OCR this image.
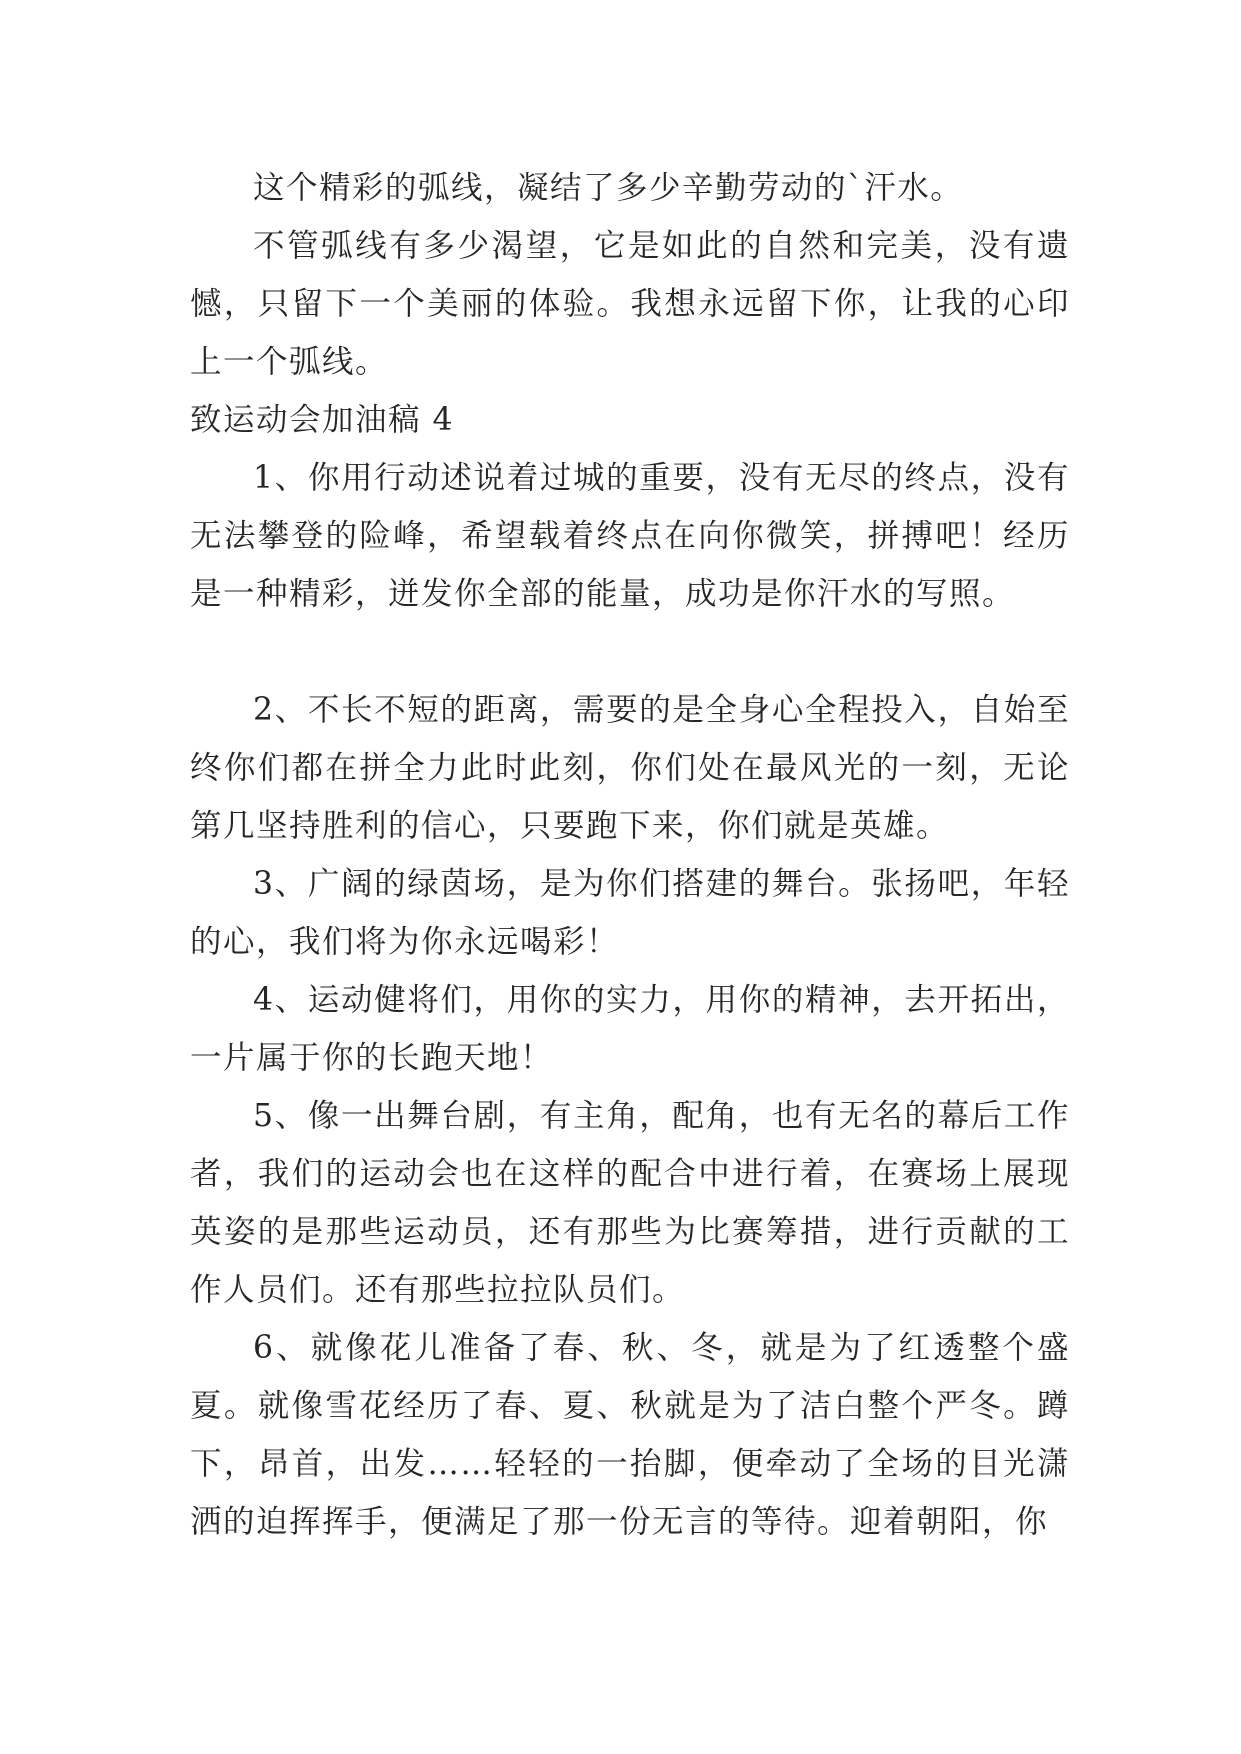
这个精彩的弧线，凝结了多少辛勤劳动的`汗水。

不管弧线有多少渴望，它是如此的自然和完美，没有遗憾，只留下一个美丽的体验。我想永远留下你，让我的心印上一个弧线。

致运动会加油稿 4

1、你用行动述说着过城的重要，没有无尽的终点，没有无法攀登的险峰，希望载着终点在向你微笑，拼搏吧！经历是一种精彩，迸发你全部的能量，成功是你汗水的写照。

2、不长不短的距离，需要的是全身心全程投入，自始至终你们都在拼全力此时此刻，你们处在最风光的一刻，无论第几坚持胜利的信心，只要跑下来，你们就是英雄。

3、广阔的绿茵场，是为你们搭建的舞台。张扬吧，年轻的心，我们将为你永远喝彩！

4、运动健将们，用你的实力，用你的精神，去开拓出，一片属于你的长跑天地！

5、像一出舞台剧，有主角，配角，也有无名的幕后工作者，我们的运动会也在这样的配合中进行着，在赛场上展现英姿的是那些运动员，还有那些为比赛筹措，进行贡献的工作人员们。还有那些拉拉队员们。

6、就像花儿准备了春、秋、冬，就是为了红透整个盛夏。就像雪花经历了春、夏、秋就是为了洁白整个严冬。蹲下，昂首，出发……轻轻的一抬脚，便牵动了全场的目光潇洒的迫挥挥手，便满足了那一份无言的等待。迎着朝阳，你
